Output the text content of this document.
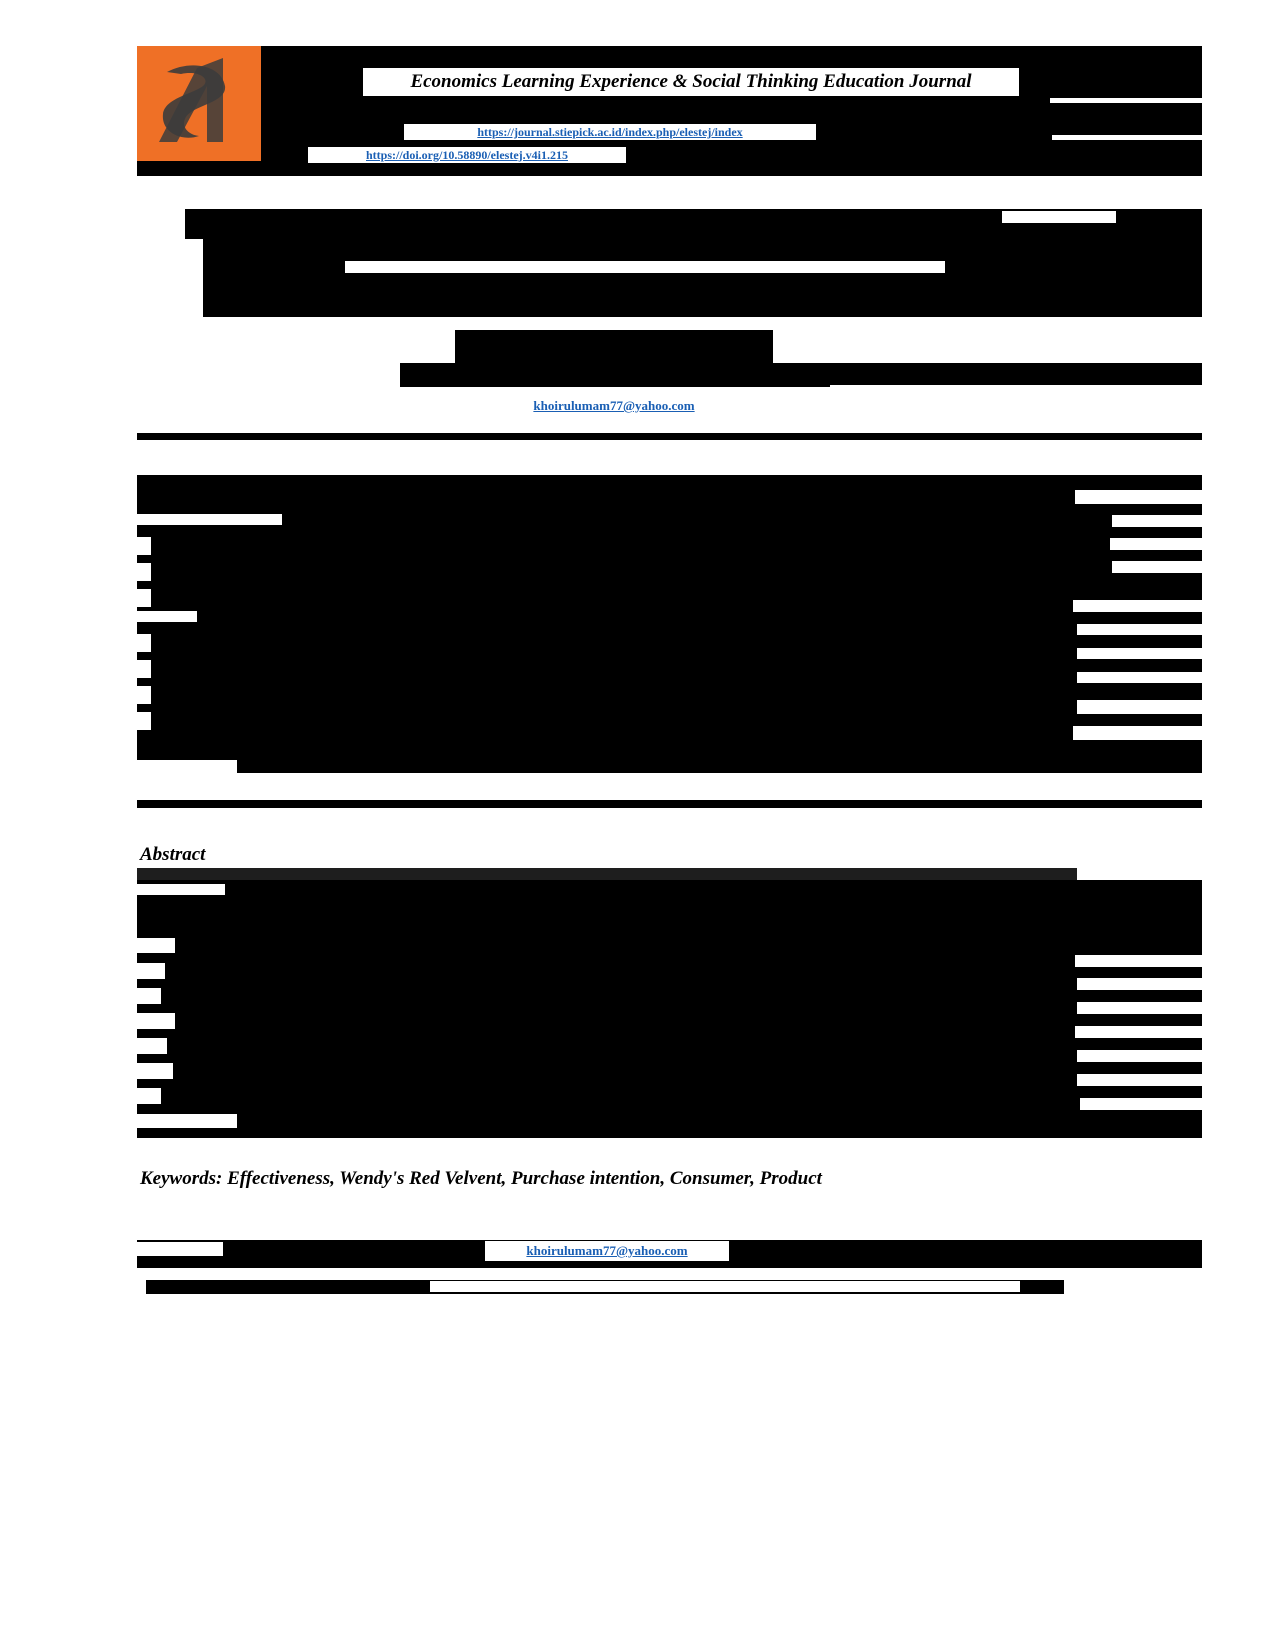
Economics Learning Experience & Social Thinking Education Journal
https://journal.stiepick.ac.id/index.php/elestej/index
https://doi.org/10.58890/elestej.v4i1.215
khoirulumam77@yahoo.com
Abstract
Keywords: Effectiveness, Wendy's Red Velvent, Purchase intention, Consumer, Product
khoirulumam77@yahoo.com
